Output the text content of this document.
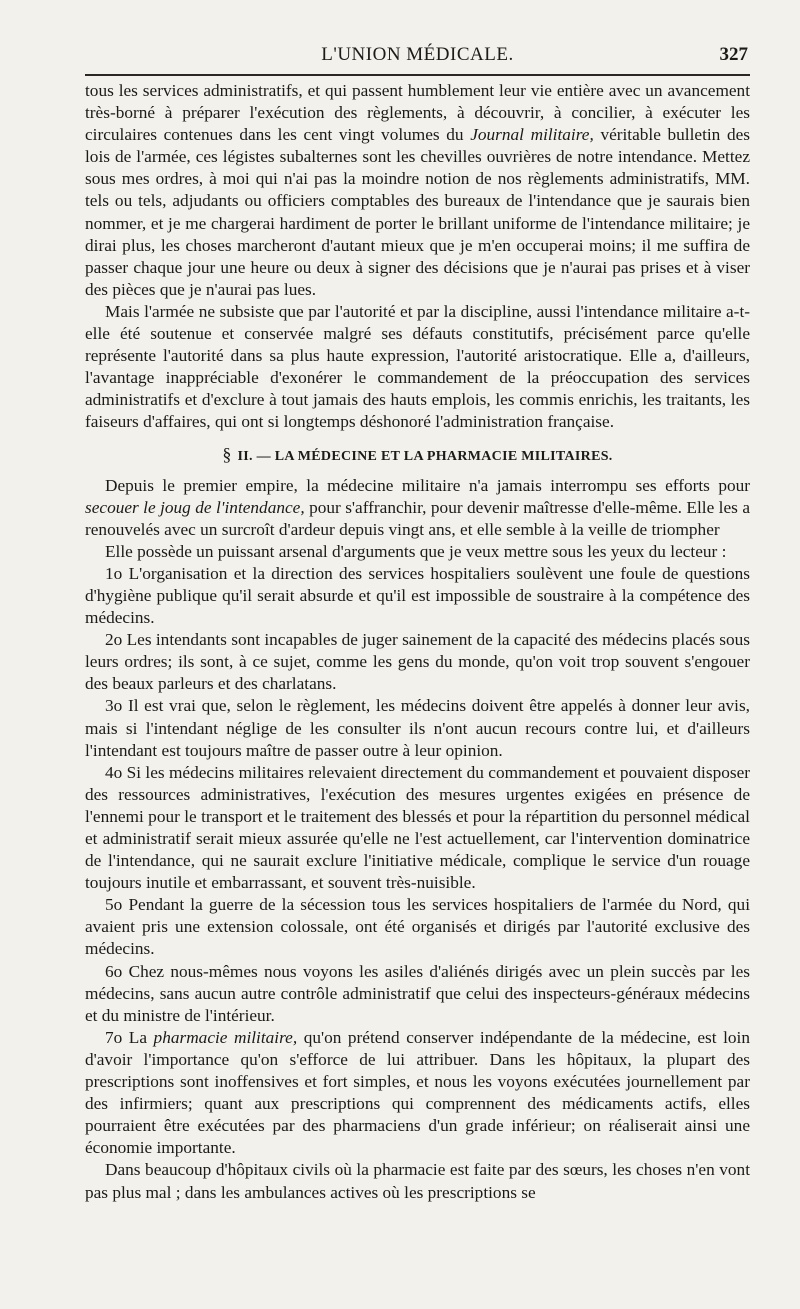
L'UNION MÉDICALE.	327

tous les services administratifs, et qui passent humblement leur vie entière avec un avancement très-borné à préparer l'exécution des règlements, à découvrir, à concilier, à exécuter les circulaires contenues dans les cent vingt volumes du Journal militaire, véritable bulletin des lois de l'armée, ces légistes subalternes sont les chevilles ouvrières de notre intendance. Mettez sous mes ordres, à moi qui n'ai pas la moindre notion de nos règlements administratifs, MM. tels ou tels, adjudants ou officiers comptables des bureaux de l'intendance que je saurais bien nommer, et je me chargerai hardiment de porter le brillant uniforme de l'intendance militaire; je dirai plus, les choses marcheront d'autant mieux que je m'en occuperai moins; il me suffira de passer chaque jour une heure ou deux à signer des décisions que je n'aurai pas prises et à viser des pièces que je n'aurai pas lues.

Mais l'armée ne subsiste que par l'autorité et par la discipline, aussi l'intendance militaire a-t-elle été soutenue et conservée malgré ses défauts constitutifs, précisément parce qu'elle représente l'autorité dans sa plus haute expression, l'autorité aristocratique. Elle a, d'ailleurs, l'avantage inappréciable d'exonérer le commandement de la préoccupation des services administratifs et d'exclure à tout jamais des hauts emplois, les commis enrichis, les traitants, les faiseurs d'affaires, qui ont si longtemps déshonoré l'administration française.

§ II. — LA MÉDECINE ET LA PHARMACIE MILITAIRES.

Depuis le premier empire, la médecine militaire n'a jamais interrompu ses efforts pour secouer le joug de l'intendance, pour s'affranchir, pour devenir maîtresse d'elle-même. Elle les a renouvelés avec un surcroît d'ardeur depuis vingt ans, et elle semble à la veille de triompher

Elle possède un puissant arsenal d'arguments que je veux mettre sous les yeux du lecteur :

1o L'organisation et la direction des services hospitaliers soulèvent une foule de questions d'hygiène publique qu'il serait absurde et qu'il est impossible de soustraire à la compétence des médecins.

2o Les intendants sont incapables de juger sainement de la capacité des médecins placés sous leurs ordres; ils sont, à ce sujet, comme les gens du monde, qu'on voit trop souvent s'engouer des beaux parleurs et des charlatans.

3o Il est vrai que, selon le règlement, les médecins doivent être appelés à donner leur avis, mais si l'intendant néglige de les consulter ils n'ont aucun recours contre lui, et d'ailleurs l'intendant est toujours maître de passer outre à leur opinion.

4o Si les médecins militaires relevaient directement du commandement et pouvaient disposer des ressources administratives, l'exécution des mesures urgentes exigées en présence de l'ennemi pour le transport et le traitement des blessés et pour la répartition du personnel médical et administratif serait mieux assurée qu'elle ne l'est actuellement, car l'intervention dominatrice de l'intendance, qui ne saurait exclure l'initiative médicale, complique le service d'un rouage toujours inutile et embarrassant, et souvent très-nuisible.

5o Pendant la guerre de la sécession tous les services hospitaliers de l'armée du Nord, qui avaient pris une extension colossale, ont été organisés et dirigés par l'autorité exclusive des médecins.

6o Chez nous-mêmes nous voyons les asiles d'aliénés dirigés avec un plein succès par les médecins, sans aucun autre contrôle administratif que celui des inspecteurs-généraux médecins et du ministre de l'intérieur.

7o La pharmacie militaire, qu'on prétend conserver indépendante de la médecine, est loin d'avoir l'importance qu'on s'efforce de lui attribuer. Dans les hôpitaux, la plupart des prescriptions sont inoffensives et fort simples, et nous les voyons exécutées journellement par des infirmiers; quant aux prescriptions qui comprennent des médicaments actifs, elles pourraient être exécutées par des pharmaciens d'un grade inférieur; on réaliserait ainsi une économie importante.

Dans beaucoup d'hôpitaux civils où la pharmacie est faite par des sœurs, les choses n'en vont pas plus mal ; dans les ambulances actives où les prescriptions se
